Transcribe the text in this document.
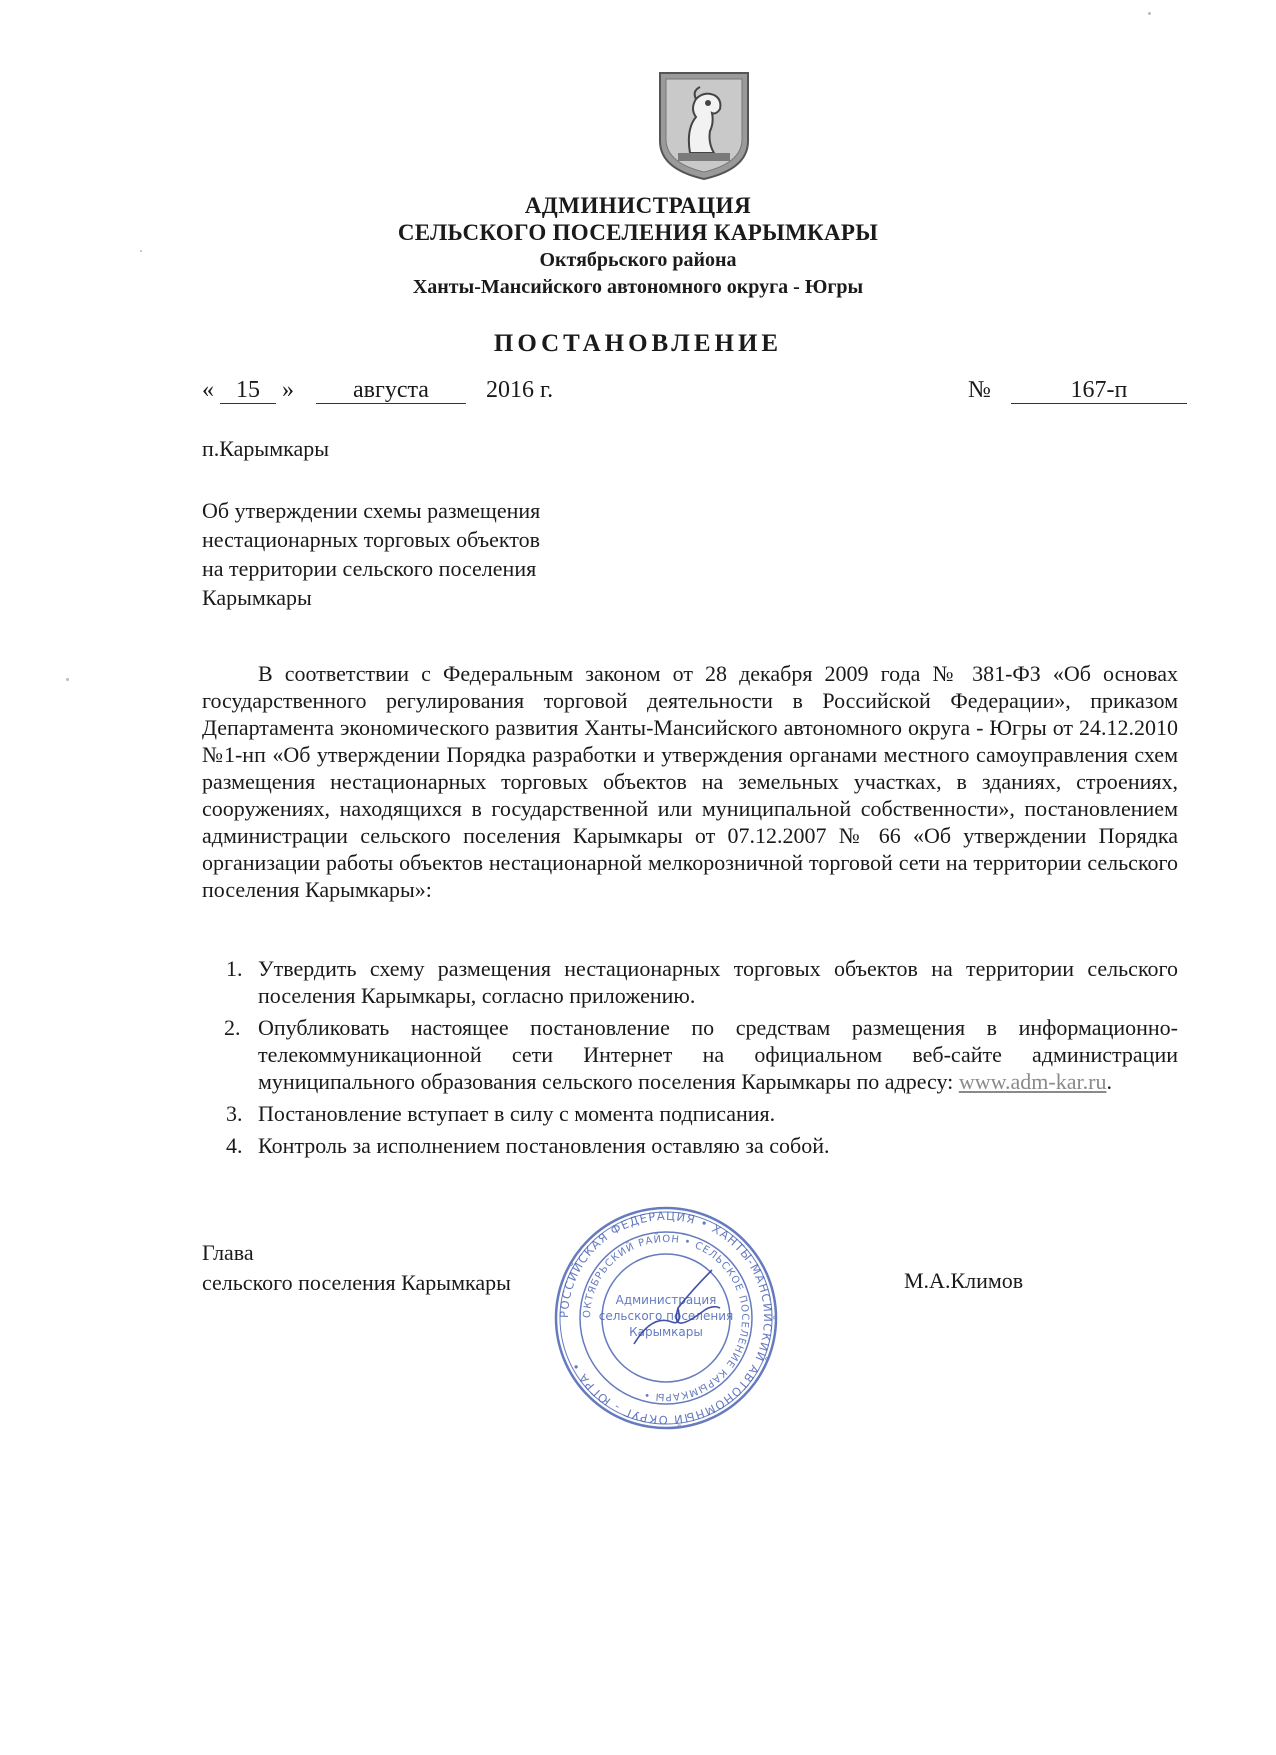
АДМИНИСТРАЦИЯ
СЕЛЬСКОГО ПОСЕЛЕНИЯ КАРЫМКАРЫ
Октябрьского района
Ханты-Мансийского автономного округа - Югры
ПОСТАНОВЛЕНИЕ
« 15 » августа 2016 г.	№	167-п
п.Карымкары
Об утверждении схемы размещения
нестационарных торговых объектов
на территории сельского поселения
Карымкары
В соответствии с Федеральным законом от 28 декабря 2009 года № 381-ФЗ «Об основах государственного регулирования торговой деятельности в Российской Федерации», приказом Департамента экономического развития Ханты-Мансийского автономного округа - Югры от 24.12.2010 №1-нп «Об утверждении Порядка разработки и утверждения органами местного самоуправления схем размещения нестационарных торговых объектов на земельных участках, в зданиях, строениях, сооружениях, находящихся в государственной или муниципальной собственности», постановлением администрации сельского поселения Карымкары от 07.12.2007 № 66 «Об утверждении Порядка организации работы объектов нестационарной мелкорозничной торговой сети на территории сельского поселения Карымкары»:
1. Утвердить схему размещения нестационарных торговых объектов на территории сельского поселения Карымкары, согласно приложению.
2. Опубликовать настоящее постановление по средствам размещения в информационно-телекоммуникационной сети Интернет на официальном веб-сайте администрации муниципального образования сельского поселения Карымкары по адресу: www.adm-kar.ru.
3. Постановление вступает в силу с момента подписания.
4. Контроль за исполнением постановления оставляю за собой.
Глава
сельского поселения Карымкары	М.А.Климов
РОССИЙСКАЯ ФЕДЕРАЦИЯ • ХАНТЫ-МАНСИЙСКИЙ АВТОНОМНЫЙ ОКРУГ - ЮГРА •
ОКТЯБРЬСКИЙ РАЙОН • СЕЛЬСКОЕ ПОСЕЛЕНИЕ КАРЫМКАРЫ •
Администрация
сельского поселения
Карымкары
